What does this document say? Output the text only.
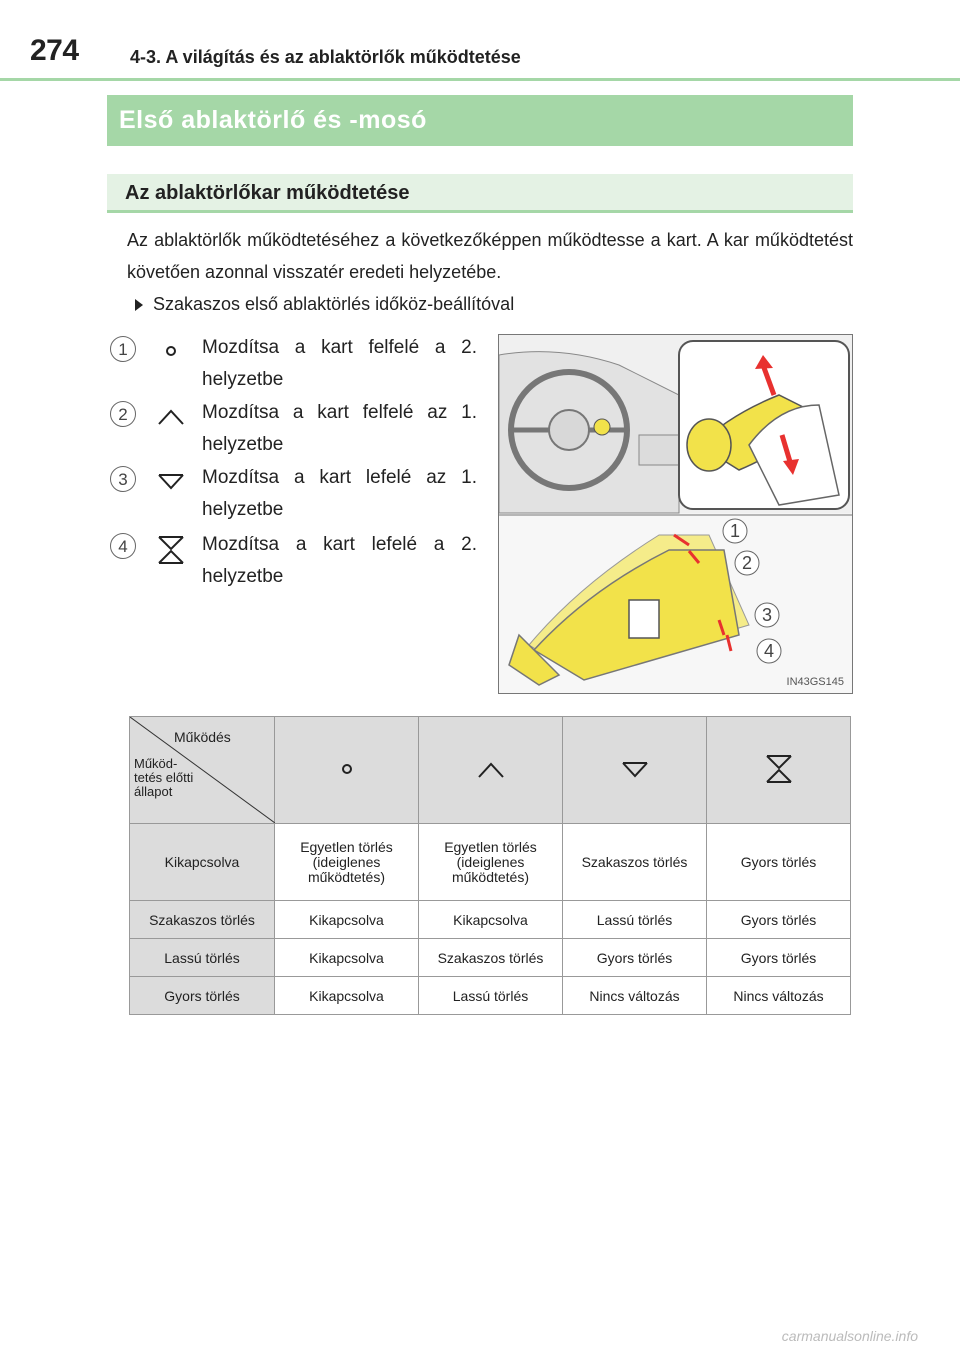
274	4-3. A világítás és az ablaktörlők működtetése
Első ablaktörlő és -mosó
Az ablaktörlőkar működtetése
Az ablaktörlők működtetéséhez a következőképpen működtesse a kart. A kar működtetést követően azonnal visszatér eredeti helyzetébe.
Szakaszos első ablaktörlés időköz-beállítóval
1	Mozdítsa a kart felfelé a 2. helyzetbe
2	Mozdítsa a kart felfelé az 1. helyzetbe
3	Mozdítsa a kart lefelé az 1. helyzetbe
4	Mozdítsa a kart lefelé a 2. helyzetbe
1
2
3
4
IN43GS145
Működés
Működ-tetés előtti állapot

Kikapcsolva	Egyetlen törlés (ideiglenes működtetés)	Egyetlen törlés (ideiglenes működtetés)	Szakaszos törlés	Gyors törlés
Szakaszos törlés	Kikapcsolva	Kikapcsolva	Lassú törlés	Gyors törlés
Lassú törlés	Kikapcsolva	Szakaszos törlés	Gyors törlés	Gyors törlés
Gyors törlés	Kikapcsolva	Lassú törlés	Nincs változás	Nincs változás
carmanualsonline.info
